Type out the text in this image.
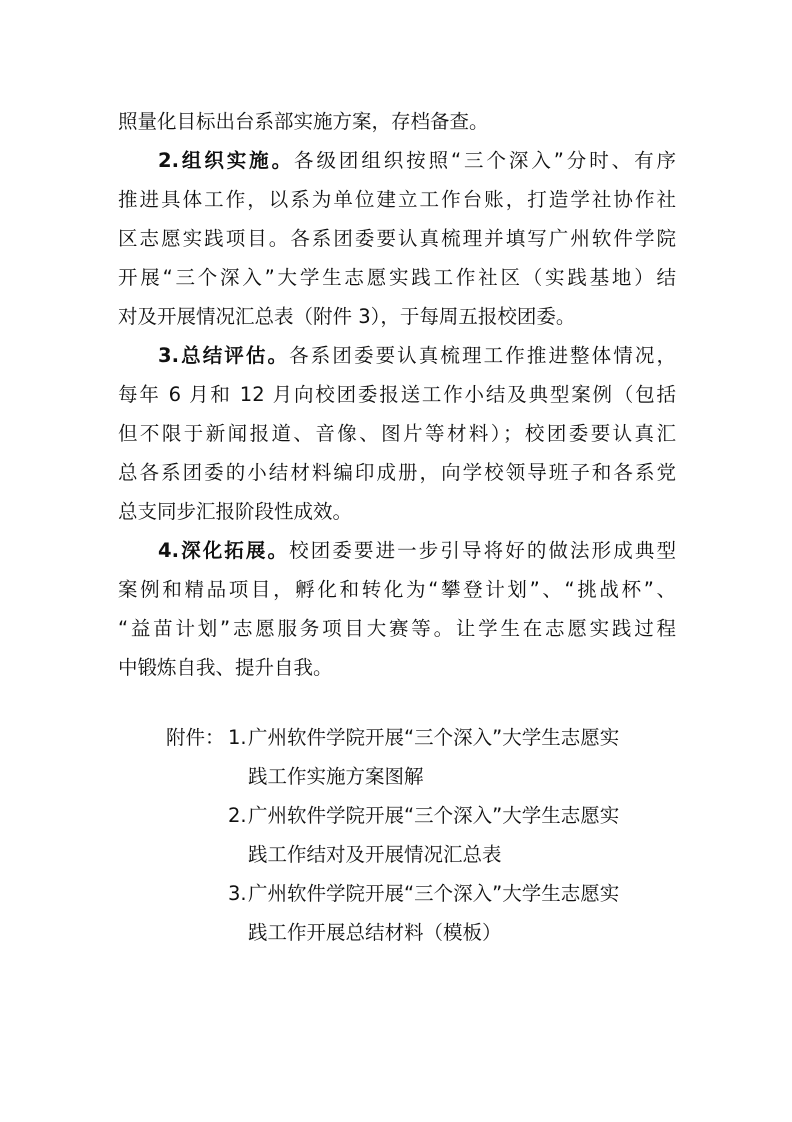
照量化目标出台系部实施方案，存档备查。
2.组织实施。各级团组织按照“三个深入”分时、有序
推进具体工作，以系为单位建立工作台账，打造学社协作社
区志愿实践项目。各系团委要认真梳理并填写广州软件学院
开展“三个深入”大学生志愿实践工作社区（实践基地）结
对及开展情况汇总表（附件 3），于每周五报校团委。
3.总结评估。各系团委要认真梳理工作推进整体情况，
每年 6 月和 12 月向校团委报送工作小结及典型案例（包括
但不限于新闻报道、音像、图片等材料）；校团委要认真汇
总各系团委的小结材料编印成册，向学校领导班子和各系党
总支同步汇报阶段性成效。
4.深化拓展。校团委要进一步引导将好的做法形成典型
案例和精品项目，孵化和转化为“攀登计划”、“挑战杯”、
“益苗计划”志愿服务项目大赛等。让学生在志愿实践过程
中锻炼自我、提升自我。
附件： 1. 广州软件学院开展“三个深入”大学生志愿实
践工作实施方案图解
2. 广州软件学院开展“三个深入”大学生志愿实
践工作结对及开展情况汇总表
3. 广州软件学院开展“三个深入”大学生志愿实
践工作开展总结材料（模板）
